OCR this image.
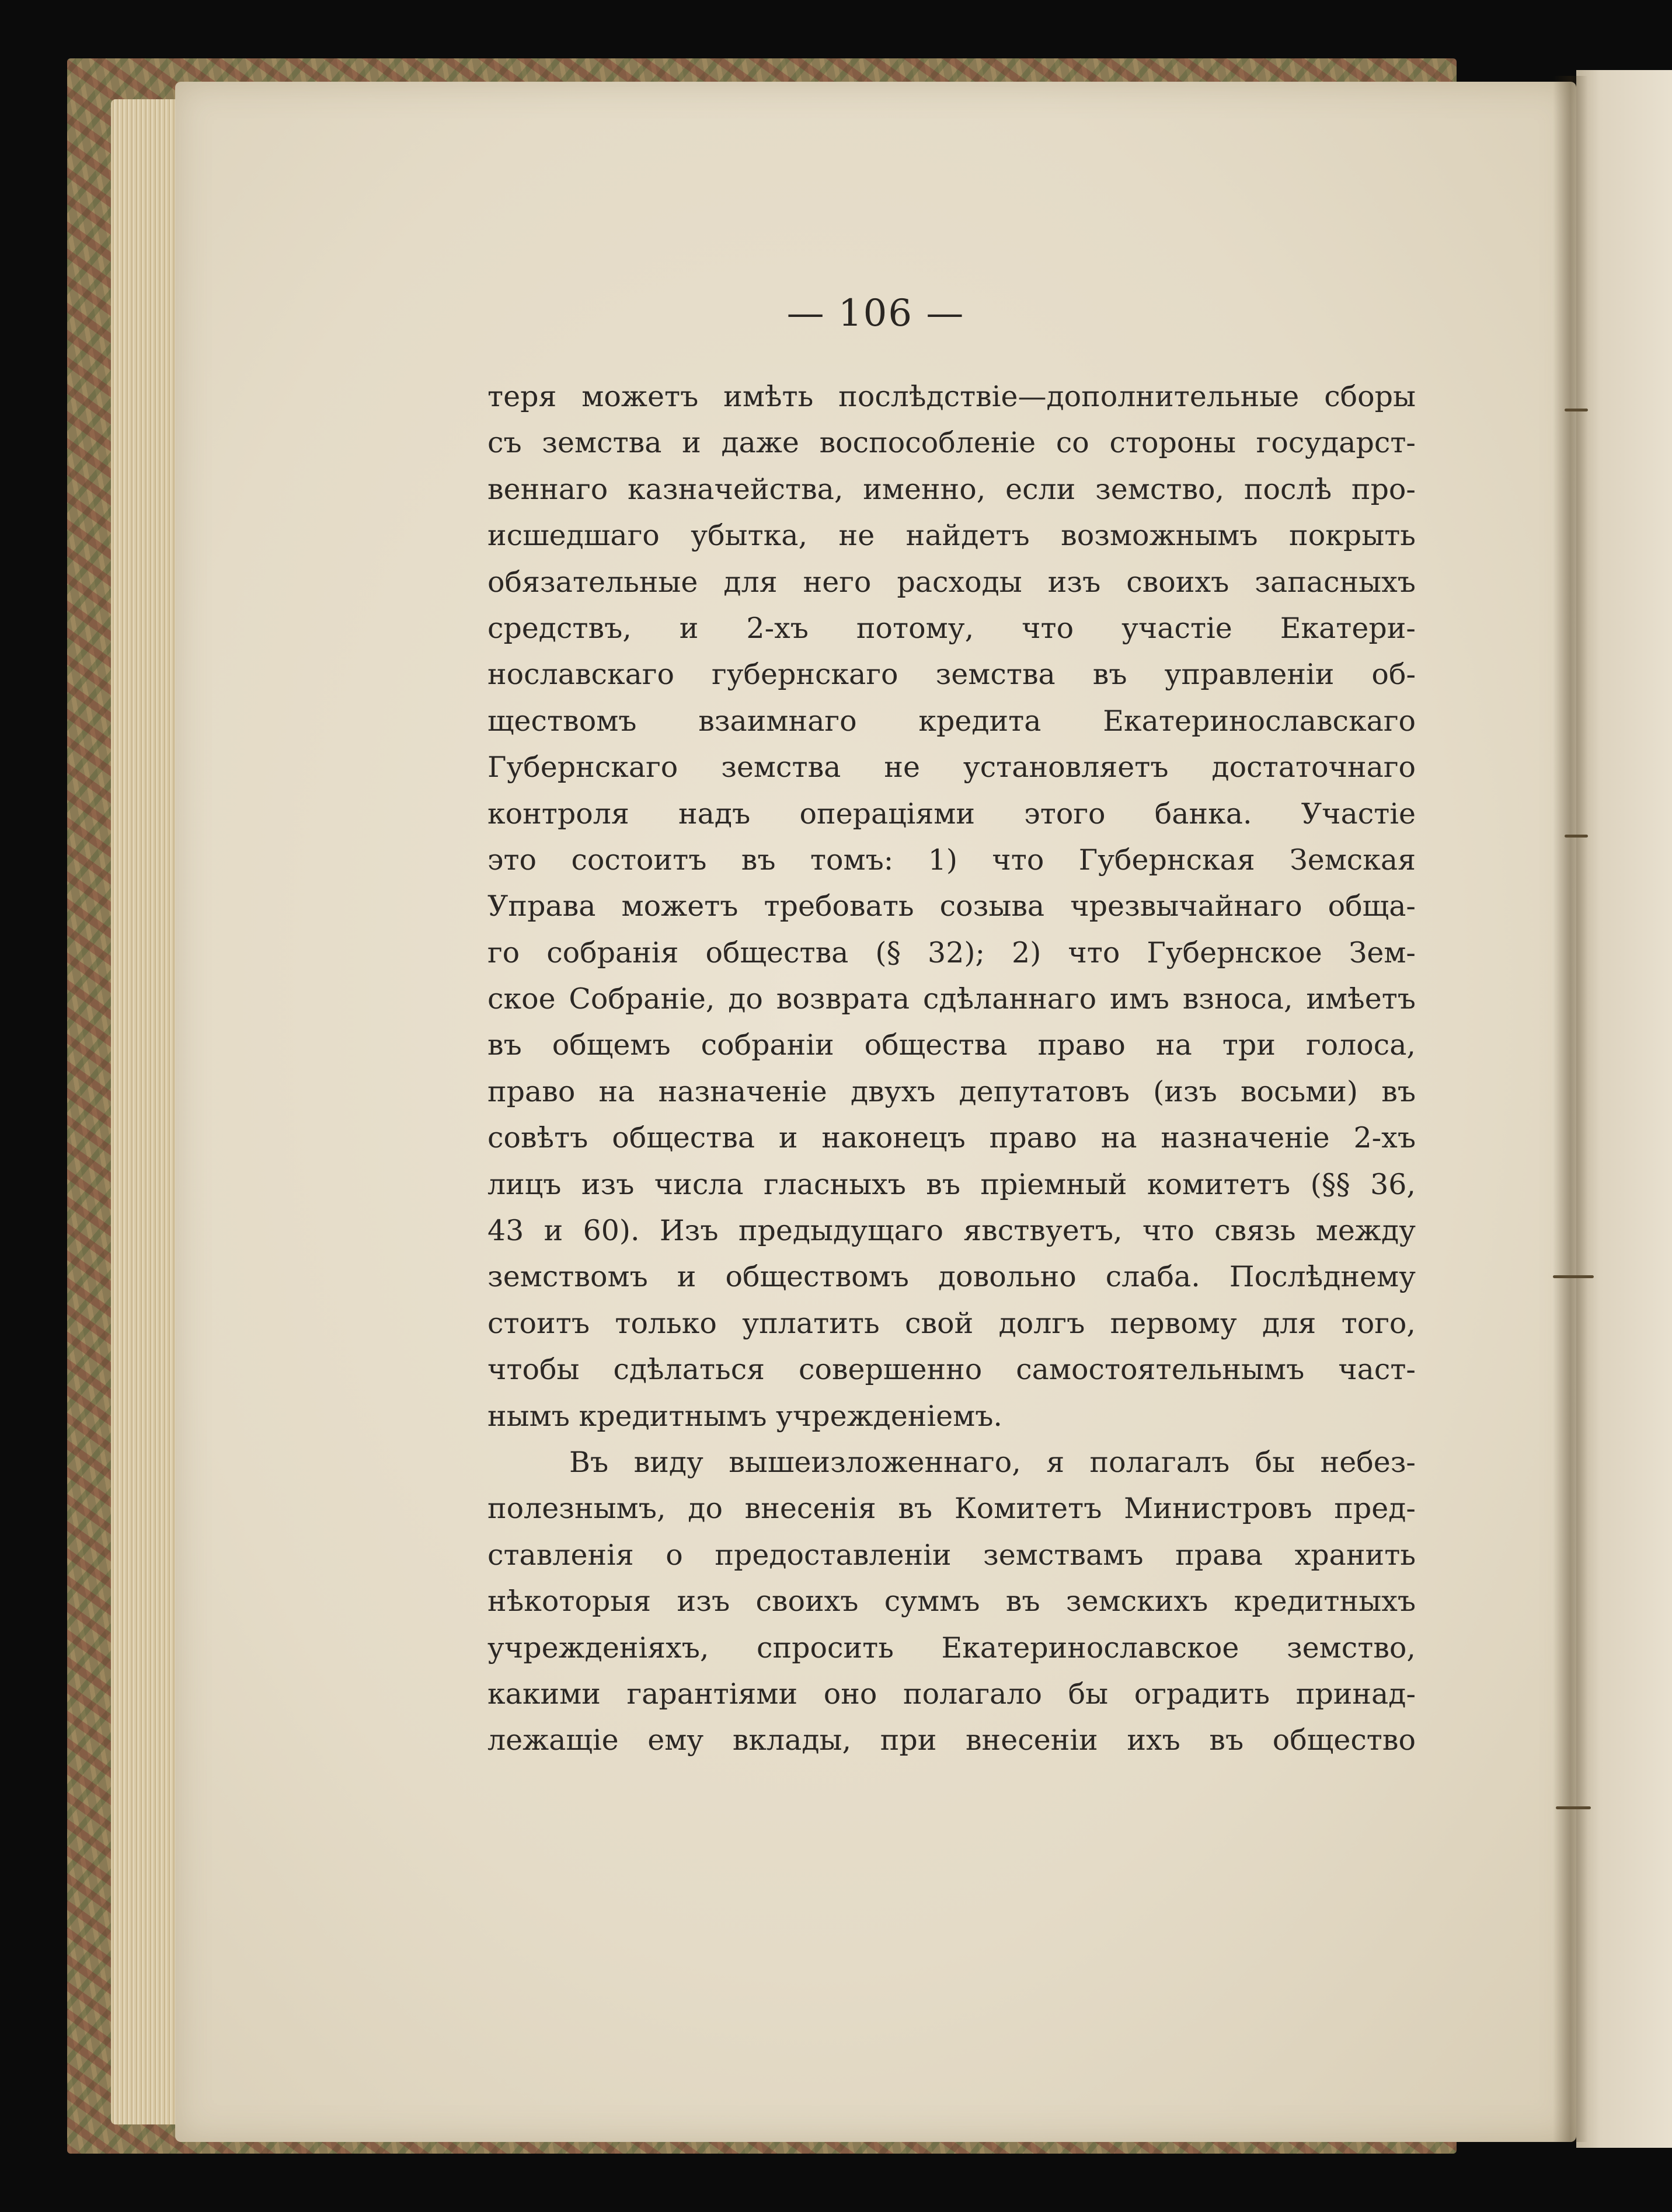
— 106 —
теря можетъ имѣть послѣдствіе—дополнительные сборы
съ земства и даже воспособленіе со стороны государст-
веннаго казначейства, именно, если земство, послѣ про-
исшедшаго убытка, не найдетъ возможнымъ покрыть
обязательные для него расходы изъ своихъ запасныхъ
средствъ, и 2-хъ потому, что участіе Екатери-
нославскаго губернскаго земства въ управленіи об-
ществомъ взаимнаго кредита Екатеринославскаго
Губернскаго земства не установляетъ достаточнаго
контроля надъ операціями этого банка. Участіе
это состоитъ въ томъ: 1) что Губернская Земская
Управа можетъ требовать созыва чрезвычайнаго обща-
го собранія общества (§ 32); 2) что Губернское Зем-
ское Собраніе, до возврата сдѣланнаго имъ взноса, имѣетъ
въ общемъ собраніи общества право на три голоса,
право на назначеніе двухъ депутатовъ (изъ восьми) въ
совѣтъ общества и наконецъ право на назначеніе 2-хъ
лицъ изъ числа гласныхъ въ пріемный комитетъ (§§ 36,
43 и 60). Изъ предыдущаго явствуетъ, что связь между
земствомъ и обществомъ довольно слаба. Послѣднему
стоитъ только уплатить свой долгъ первому для того,
чтобы сдѣлаться совершенно самостоятельнымъ част-
нымъ кредитнымъ учрежденіемъ.
Въ виду вышеизложеннаго, я полагалъ бы небез-
полезнымъ, до внесенія въ Комитетъ Министровъ пред-
ставленія о предоставленіи земствамъ права хранить
нѣкоторыя изъ своихъ суммъ въ земскихъ кредитныхъ
учрежденіяхъ, спросить Екатеринославское земство,
какими гарантіями оно полагало бы оградить принад-
лежащіе ему вклады, при внесеніи ихъ въ общество
